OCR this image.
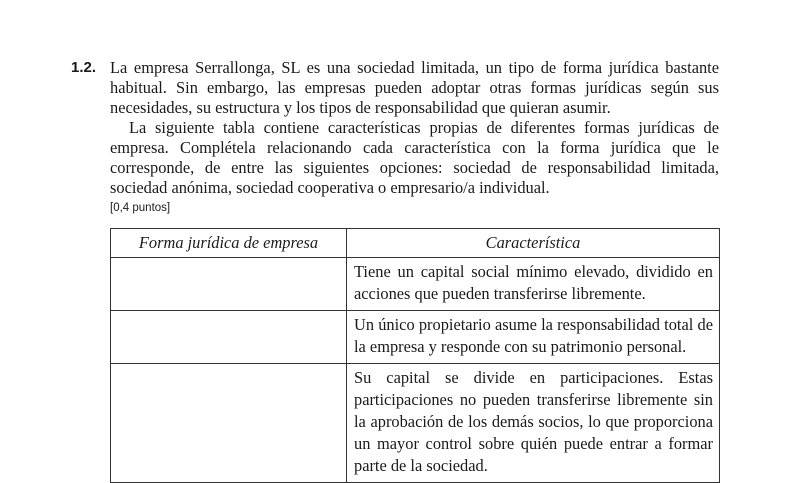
1.2. La empresa Serrallonga, SL es una sociedad limitada, un tipo de forma jurídica bastante habitual. Sin embargo, las empresas pueden adoptar otras formas jurídicas según sus necesidades, su estructura y los tipos de responsabilidad que quieran asumir.

La siguiente tabla contiene características propias de diferentes formas jurídicas de empresa. Complétela relacionando cada característica con la forma jurídica que le corresponde, de entre las siguientes opciones: sociedad de responsabilidad limitada, sociedad anónima, sociedad cooperativa o empresario/a individual.

[0,4 puntos]
Forma jurídica de empresa	Característica
	Tiene un capital social mínimo elevado, dividido en acciones que pueden transferirse libremente.
	Un único propietario asume la responsabilidad total de la empresa y responde con su patrimonio personal.
	Su capital se divide en participaciones. Estas participaciones no pueden transferirse libremente sin la aprobación de los demás socios, lo que proporciona un mayor control sobre quién puede entrar a formar parte de la sociedad.
